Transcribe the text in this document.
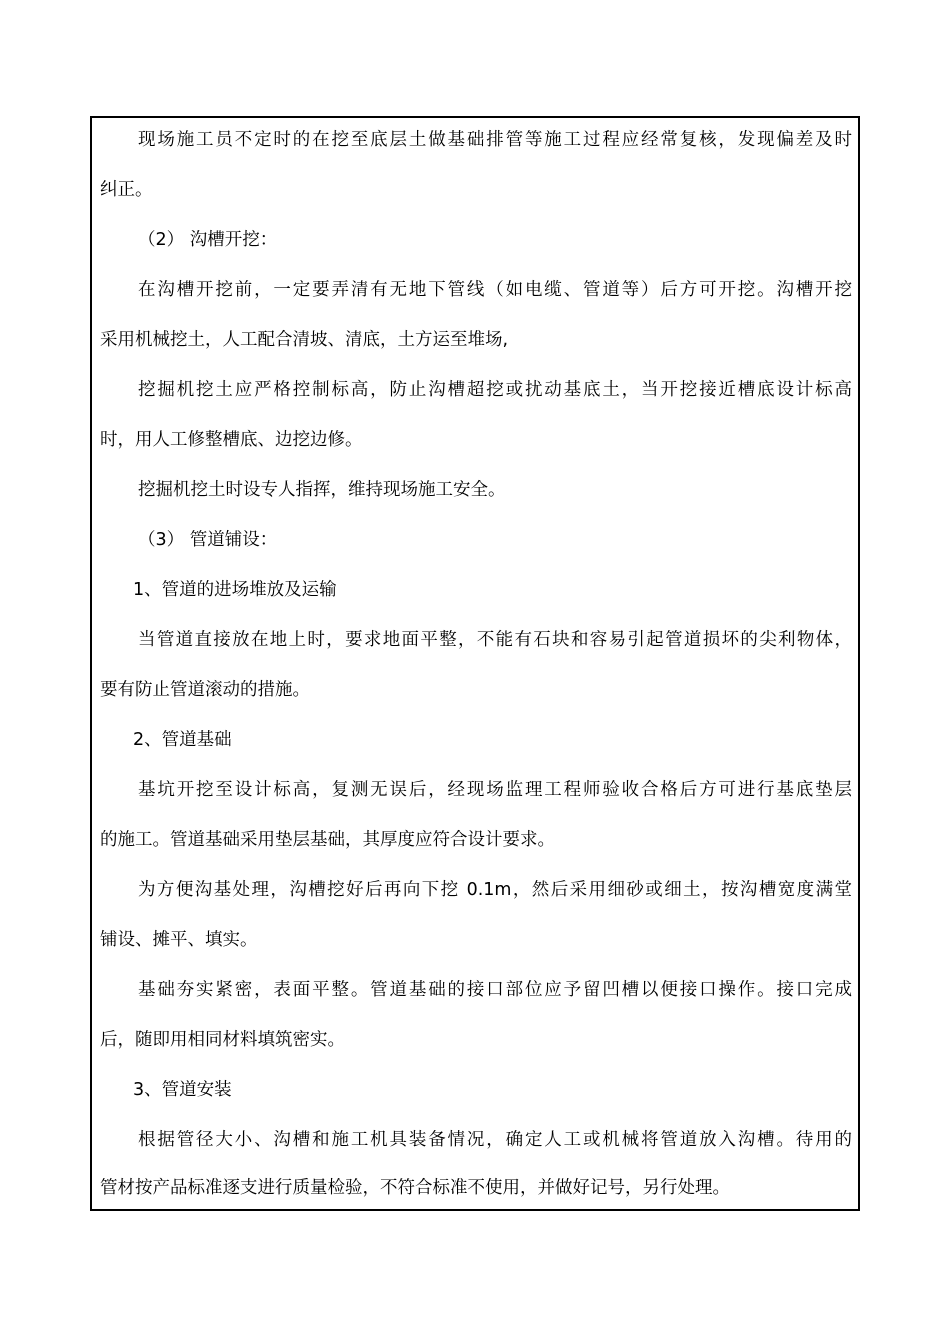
现场施工员不定时的在挖至底层土做基础排管等施工过程应经常复核，发现偏差及时
纠正。
（2） 沟槽开挖：
在沟槽开挖前，一定要弄清有无地下管线（如电缆、管道等）后方可开挖。沟槽开挖
采用机械挖土，人工配合清坡、清底，土方运至堆场,
挖掘机挖土应严格控制标高，防止沟槽超挖或扰动基底土，当开挖接近槽底设计标高
时，用人工修整槽底、边挖边修。
挖掘机挖土时设专人指挥，维持现场施工安全。
（3） 管道铺设：
1、管道的进场堆放及运输
当管道直接放在地上时，要求地面平整，不能有石块和容易引起管道损坏的尖利物体，
要有防止管道滚动的措施。
2、管道基础
基坑开挖至设计标高，复测无误后，经现场监理工程师验收合格后方可进行基底垫层
的施工。管道基础采用垫层基础，其厚度应符合设计要求。
为方便沟基处理，沟槽挖好后再向下挖 0.1m，然后采用细砂或细土，按沟槽宽度满堂
铺设、摊平、填实。
基础夯实紧密，表面平整。管道基础的接口部位应予留凹槽以便接口操作。接口完成
后，随即用相同材料填筑密实。
3、管道安装
根据管径大小、沟槽和施工机具装备情况，确定人工或机械将管道放入沟槽。待用的
管材按产品标准逐支进行质量检验，不符合标准不使用，并做好记号，另行处理。
